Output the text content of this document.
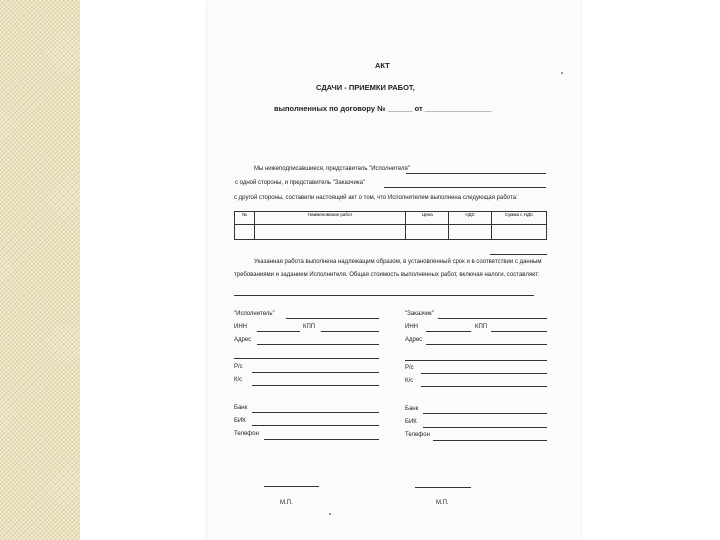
АКТ
СДАЧИ - ПРИЕМКИ РАБОТ,
выполненных по договору № ______ от ________________
Мы нижеподписавшиеся, представитель "Исполнителя"
с одной стороны, и представитель "Заказчика"
с другой стороны, составили настоящий акт о том, что Исполнителем выполнена следующая работа:
№	Наименование работ	Цена	НДС	Сумма с НДС

Указанная работа выполнена надлежащим образом, в установленный срок и в соответствии с данным
требованиями и заданием Исполнителя. Общая стоимость выполненных работ, включая налоги, составляет:
"Исполнитель"
ИНН	КПП
Адрес
Р/с
К/с
Банк
БИК
Телефон
М.П.
"Заказчик"
ИНН	КПП
Адрес
Р/с
К/с
Банк
БИК
Телефон
М.П.
